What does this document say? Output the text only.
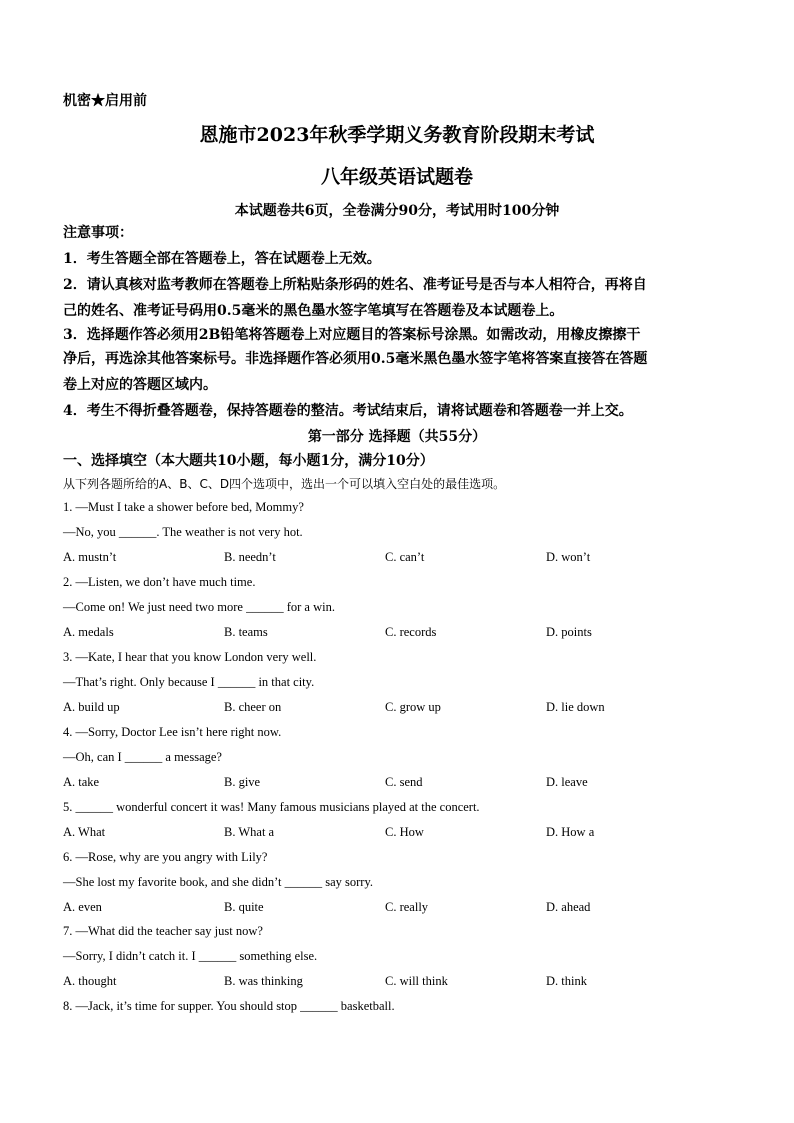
机密★启用前
恩施市2023年秋季学期义务教育阶段期末考试
八年级英语试题卷
本试题卷共6页，全卷满分90分，考试用时100分钟
注意事项：
1．考生答题全部在答题卷上，答在试题卷上无效。
2．请认真核对监考教师在答题卷上所粘贴条形码的姓名、准考证号是否与本人相符合，再将自
己的姓名、准考证号码用0.5毫米的黑色墨水签字笔填写在答题卷及本试题卷上。
3．选择题作答必须用2B铅笔将答题卷上对应题目的答案标号涂黑。如需改动，用橡皮擦擦干
净后，再选涂其他答案标号。非选择题作答必须用0.5毫米黑色墨水签字笔将答案直接答在答题
卷上对应的答题区域内。
4．考生不得折叠答题卷，保持答题卷的整洁。考试结束后，请将试题卷和答题卷一并上交。
第一部分 选择题（共55分）
一、选择填空（本大题共10小题，每小题1分，满分10分）
从下列各题所给的A、B、C、D四个选项中，选出一个可以填入空白处的最佳选项。
1. —Must I take a shower before bed, Mommy?
—No, you ______. The weather is not very hot.
A. mustn’t	B. needn’t	C. can’t	D. won’t
2. —Listen, we don’t have much time.
—Come on! We just need two more ______ for a win.
A. medals	B. teams	C. records	D. points
3. —Kate, I hear that you know London very well.
—That’s right. Only because I ______ in that city.
A. build up	B. cheer on	C. grow up	D. lie down
4. —Sorry, Doctor Lee isn’t here right now.
—Oh, can I ______ a message?
A. take	B. give	C. send	D. leave
5. ______ wonderful concert it was! Many famous musicians played at the concert.
A. What	B. What a	C. How	D. How a
6. —Rose, why are you angry with Lily?
—She lost my favorite book, and she didn’t ______ say sorry.
A. even	B. quite	C. really	D. ahead
7. —What did the teacher say just now?
—Sorry, I didn’t catch it. I ______ something else.
A. thought	B. was thinking	C. will think	D. think
8. —Jack, it’s time for supper. You should stop ______ basketball.
